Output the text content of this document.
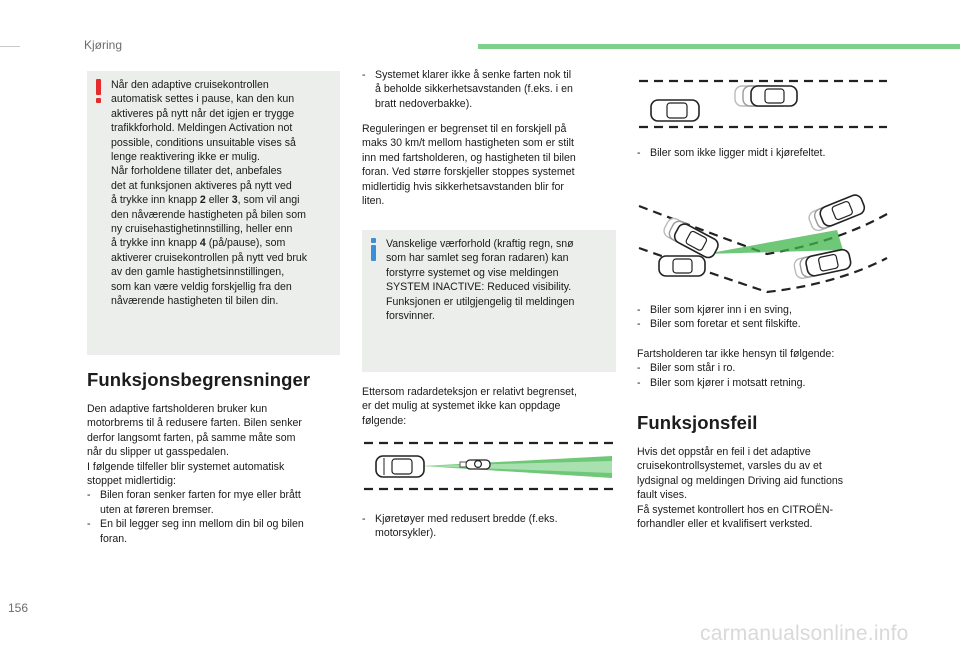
Kjøring

Når den adaptive cruisekontrollen

automatisk settes i pause, kan den kun

aktiveres på nytt når det igjen er trygge

trafikkforhold. Meldingen Activation not

possible, conditions unsuitable vises så

lenge reaktivering ikke er mulig.

Når forholdene tillater det, anbefales

det at funksjonen aktiveres på nytt ved

å trykke inn knapp 2 eller 3, som vil angi

den nåværende hastigheten på bilen som

ny cruisehastighetinnstilling, heller enn

å trykke inn knapp 4 (på/pause), som

aktiverer cruisekontrollen på nytt ved bruk

av den gamle hastighetsinnstillingen,

som kan være veldig forskjellig fra den

nåværende hastigheten til bilen din.

Funksjonsbegrensninger

Den adaptive fartsholderen bruker kun

motorbrems til å redusere farten. Bilen senker

derfor langsomt farten, på samme måte som

når du slipper ut gasspedalen.

I følgende tilfeller blir systemet automatisk

stoppet midlertidig:

- Bilen foran senker farten for mye eller brått

uten at føreren bremser.

- En bil legger seg inn mellom din bil og bilen

foran.

- Systemet klarer ikke å senke farten nok til

å beholde sikkerhetsavstanden (f.eks. i en

bratt nedoverbakke).

Reguleringen er begrenset til en forskjell på

maks 30 km/t mellom hastigheten som er stilt

inn med fartsholderen, og hastigheten til bilen

foran. Ved større forskjeller stoppes systemet

midlertidig hvis sikkerhetsavstanden blir for

liten.

Vanskelige værforhold (kraftig regn, snø

som har samlet seg foran radaren) kan

forstyrre systemet og vise meldingen

SYSTEM INACTIVE: Reduced visibility.

Funksjonen er utilgjengelig til meldingen

forsvinner.

Ettersom radardeteksjon er relativt begrenset,

er det mulig at systemet ikke kan oppdage

følgende:

- Kjøretøyer med redusert bredde (f.eks.

motorsykler).

- Biler som ikke ligger midt i kjørefeltet.

- Biler som kjører inn i en sving,

- Biler som foretar et sent filskifte.

Fartsholderen tar ikke hensyn til følgende:

- Biler som står i ro.

- Biler som kjører i motsatt retning.

Funksjonsfeil

Hvis det oppstår en feil i det adaptive

cruisekontrollsystemet, varsles du av et

lydsignal og meldingen Driving aid functions

fault vises.

Få systemet kontrollert hos en CITROËN-

forhandler eller et kvalifisert verksted.

156
carmanualsonline.info
